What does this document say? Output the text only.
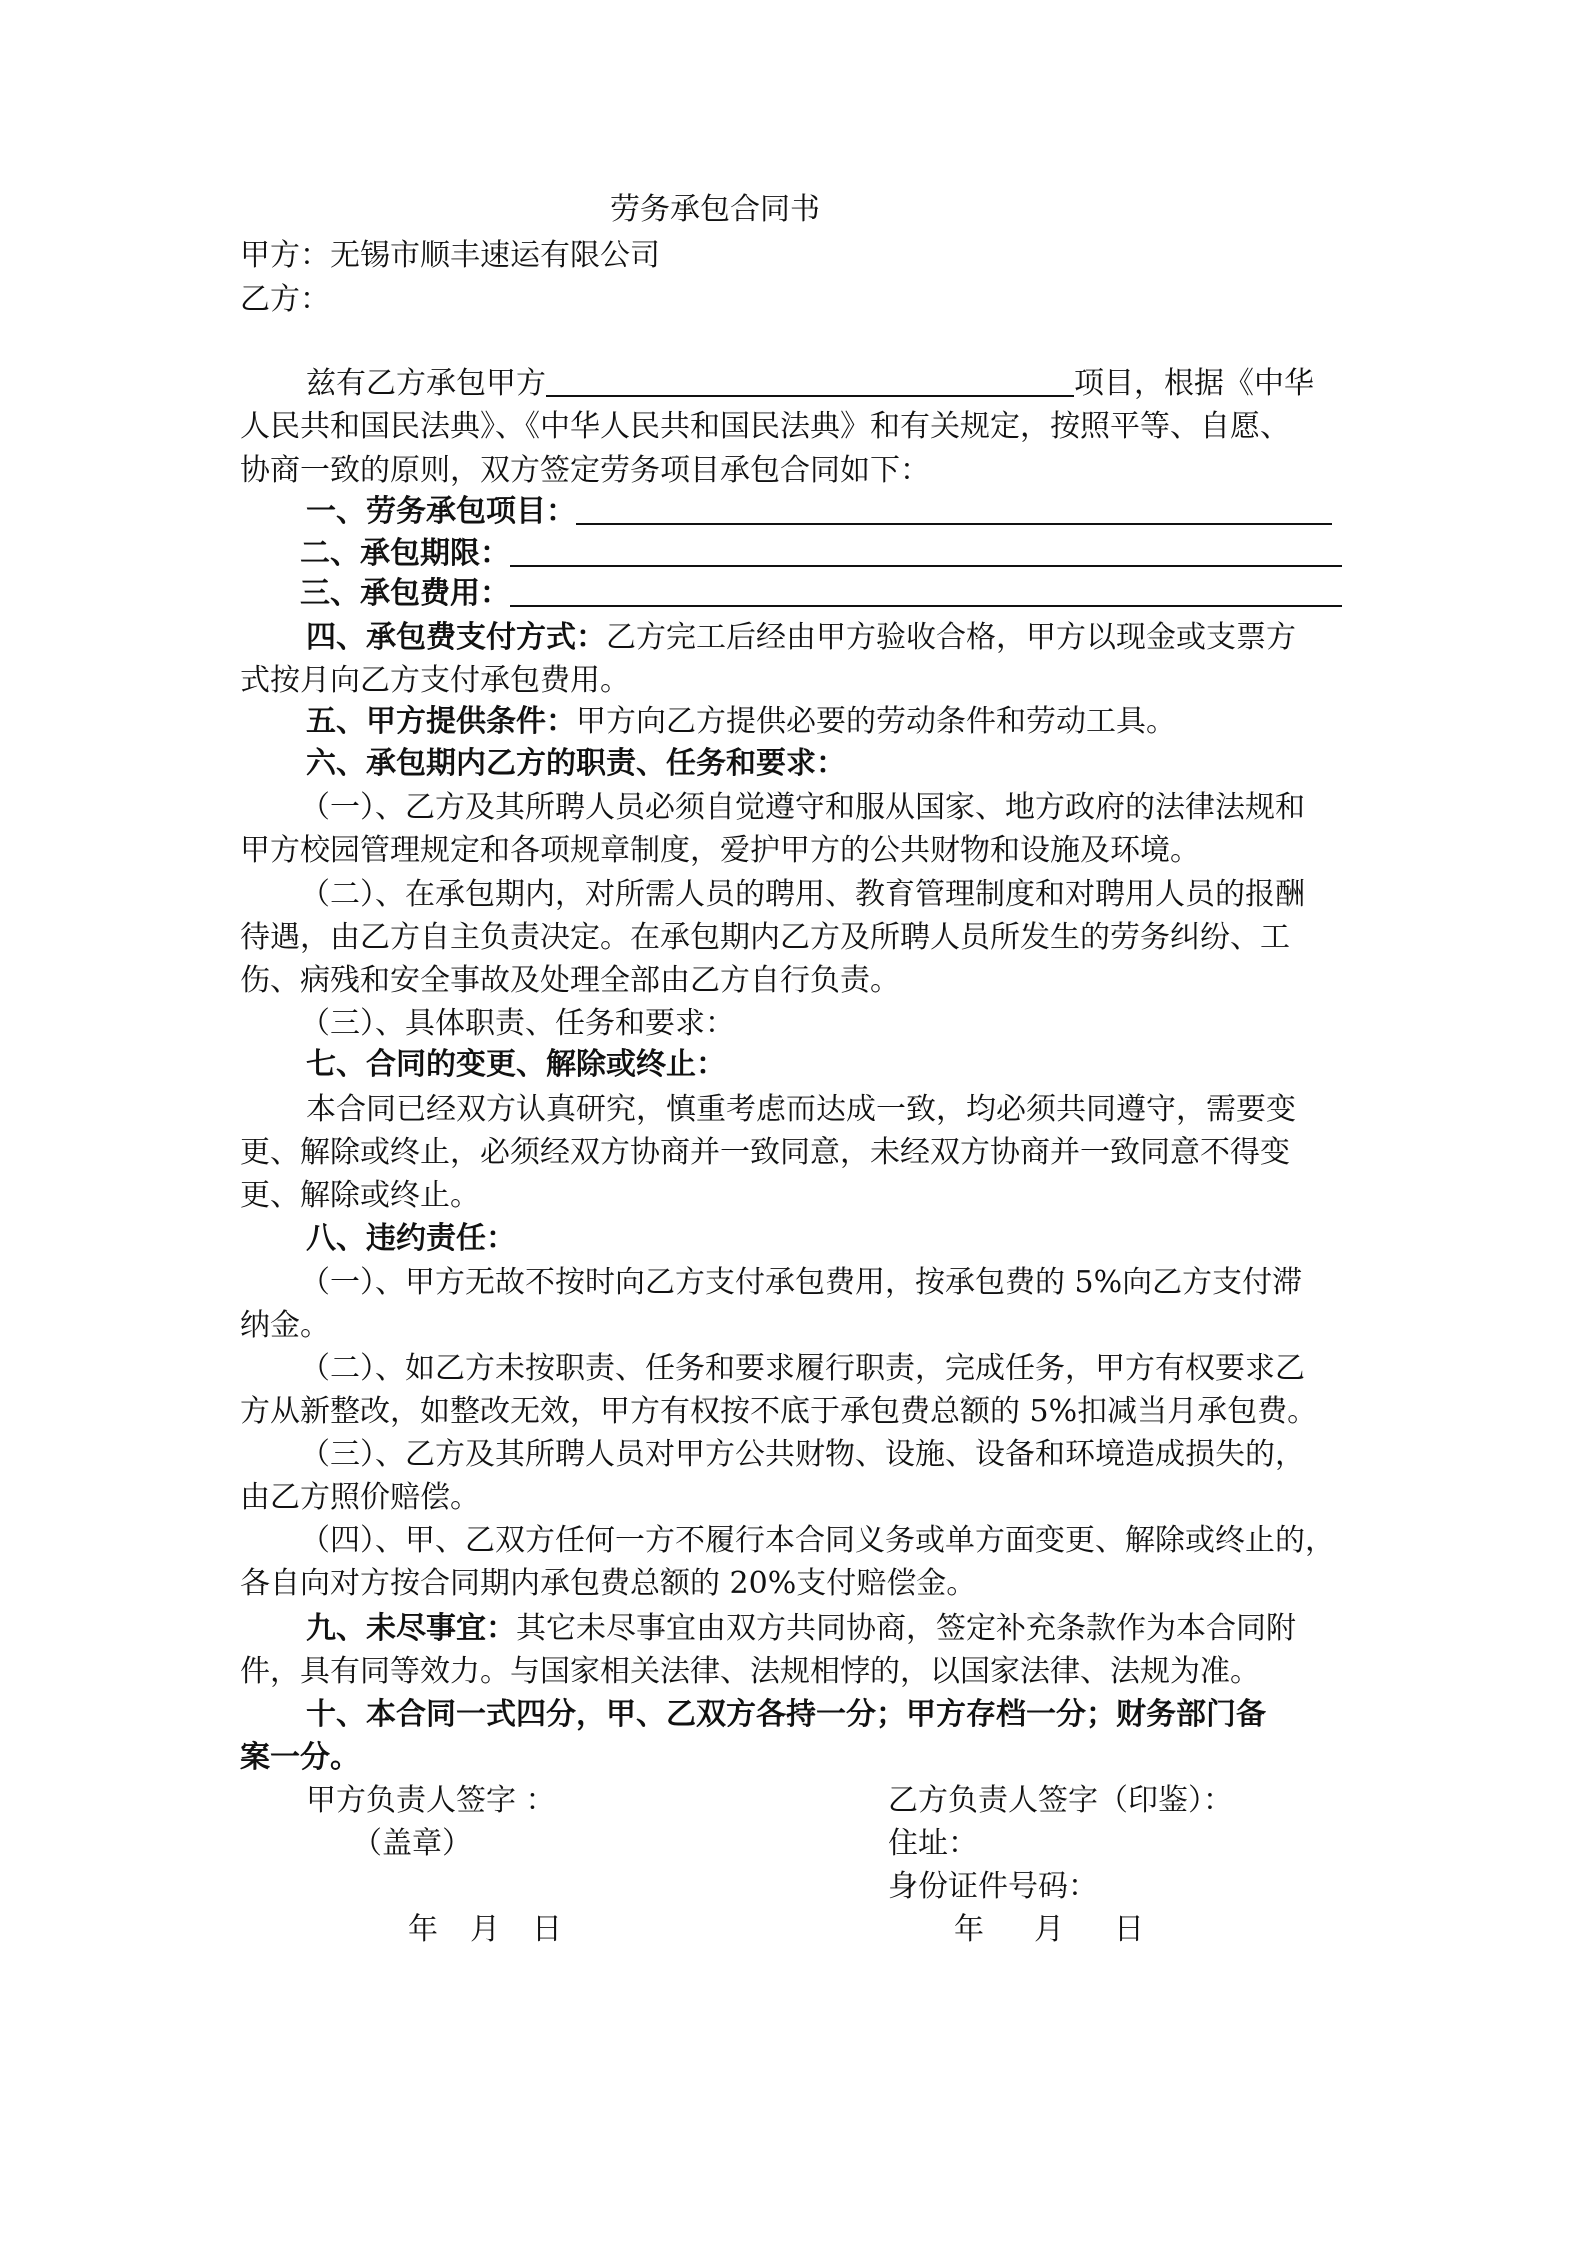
劳务承包合同书
甲方：无锡市顺丰速运有限公司
乙方：
兹有乙方承包甲方	项目，根据《中华
人民共和国民法典》、《中华人民共和国民法典》和有关规定，按照平等、自愿、
协商一致的原则，双方签定劳务项目承包合同如下：
一、劳务承包项目：
二、承包期限：
三、承包费用：
四、承包费支付方式：乙方完工后经由甲方验收合格，甲方以现金或支票方
式按月向乙方支付承包费用。
五、甲方提供条件：甲方向乙方提供必要的劳动条件和劳动工具。
六、承包期内乙方的职责、任务和要求：
（一）、乙方及其所聘人员必须自觉遵守和服从国家、地方政府的法律法规和
甲方校园管理规定和各项规章制度，爱护甲方的公共财物和设施及环境。
（二）、在承包期内，对所需人员的聘用、教育管理制度和对聘用人员的报酬
待遇，由乙方自主负责决定。在承包期内乙方及所聘人员所发生的劳务纠纷、工
伤、病残和安全事故及处理全部由乙方自行负责。
（三）、具体职责、任务和要求：
七、合同的变更、解除或终止：
本合同已经双方认真研究，慎重考虑而达成一致，均必须共同遵守，需要变
更、解除或终止，必须经双方协商并一致同意，未经双方协商并一致同意不得变
更、解除或终止。
八、违约责任：
（一）、甲方无故不按时向乙方支付承包费用，按承包费的 5%向乙方支付滞
纳金。
（二）、如乙方未按职责、任务和要求履行职责，完成任务，甲方有权要求乙
方从新整改，如整改无效，甲方有权按不底于承包费总额的 5%扣减当月承包费。
（三）、乙方及其所聘人员对甲方公共财物、设施、设备和环境造成损失的，
由乙方照价赔偿。
（四）、甲、乙双方任何一方不履行本合同义务或单方面变更、解除或终止的，
各自向对方按合同期内承包费总额的 20%支付赔偿金。
九、未尽事宜：其它未尽事宜由双方共同协商，签定补充条款作为本合同附
件，具有同等效力。与国家相关法律、法规相悖的，以国家法律、法规为准。
十、本合同一式四分，甲、乙双方各持一分；甲方存档一分；财务部门备
案一分。
甲方负责人签字 ：
（盖章）
乙方负责人签字（印鉴）：
住址：
身份证件号码：
年 月 日	年 月 日
